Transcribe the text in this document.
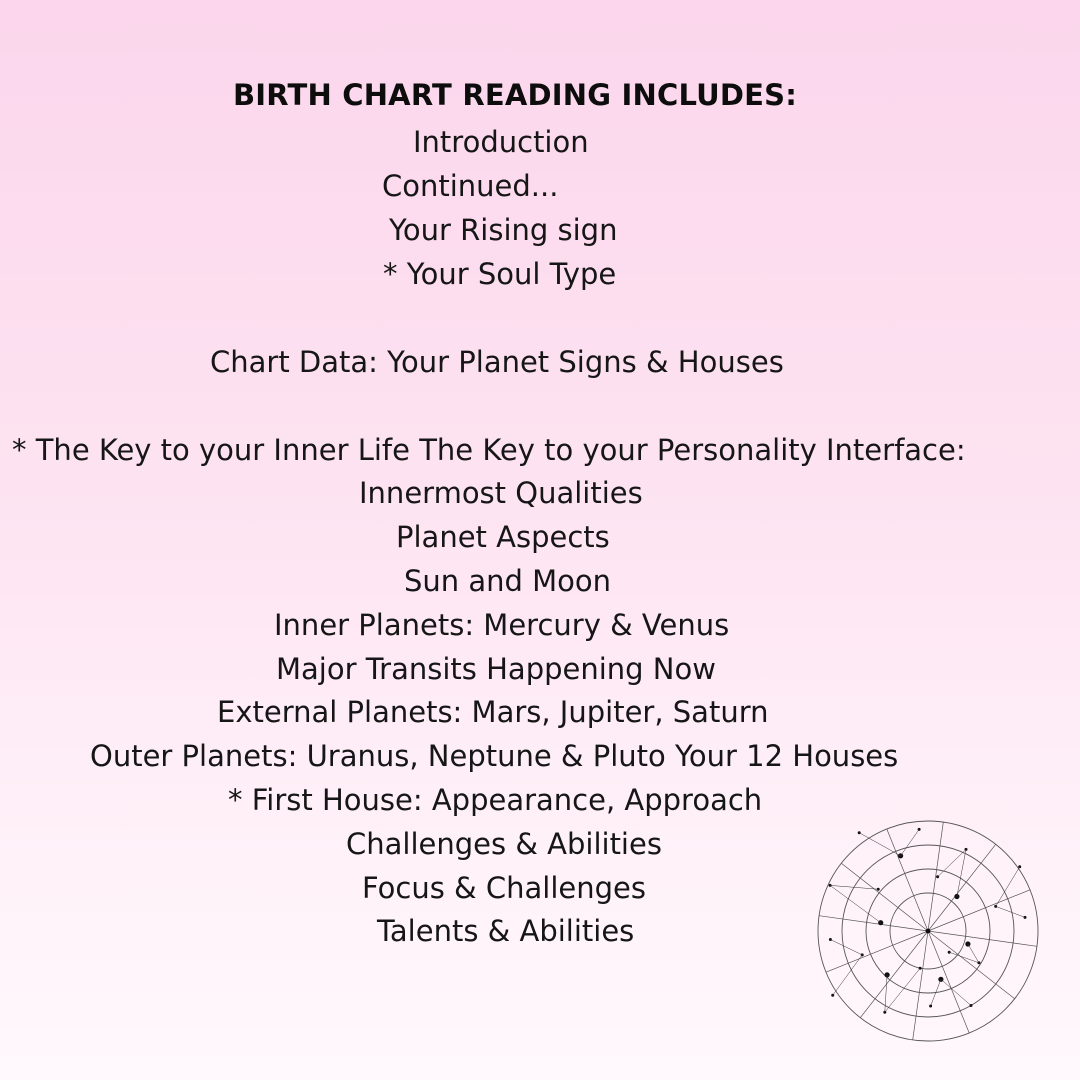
BIRTH CHART READING INCLUDES:
Introduction
Continued...
Your Rising sign
* Your Soul Type
Chart Data: Your Planet Signs & Houses
* The Key to your Inner Life The Key to your Personality Interface:
Innermost Qualities
Planet Aspects
Sun and Moon
Inner Planets: Mercury & Venus
Major Transits Happening Now
External Planets: Mars, Jupiter, Saturn
Outer Planets: Uranus, Neptune & Pluto Your 12 Houses
* First House: Appearance, Approach
Challenges & Abilities
Focus & Challenges
Talents & Abilities
